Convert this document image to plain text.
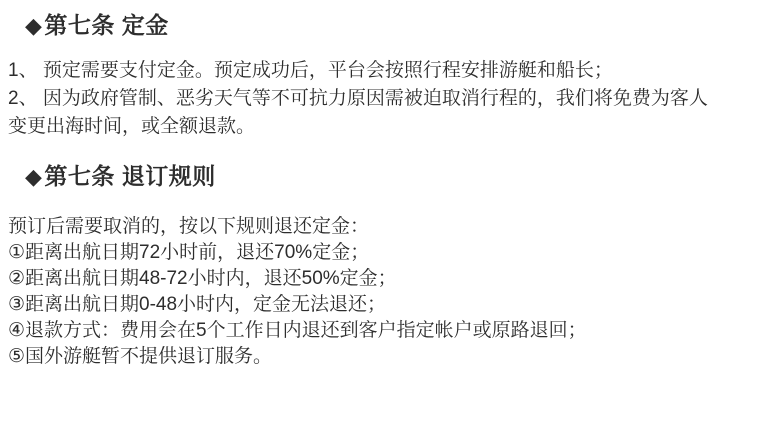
◆第七条 定金
1、 预定需要支付定金。预定成功后，平台会按照行程安排游艇和船长；
2、 因为政府管制、恶劣天气等不可抗力原因需被迫取消行程的，我们将免费为客人
变更出海时间，或全额退款。
◆第七条 退订规则
预订后需要取消的，按以下规则退还定金：
①距离出航日期72小时前，退还70%定金；
②距离出航日期48-72小时内，退还50%定金；
③距离出航日期0-48小时内，定金无法退还；
④退款方式：费用会在5个工作日内退还到客户指定帐户或原路退回；
⑤国外游艇暂不提供退订服务。
